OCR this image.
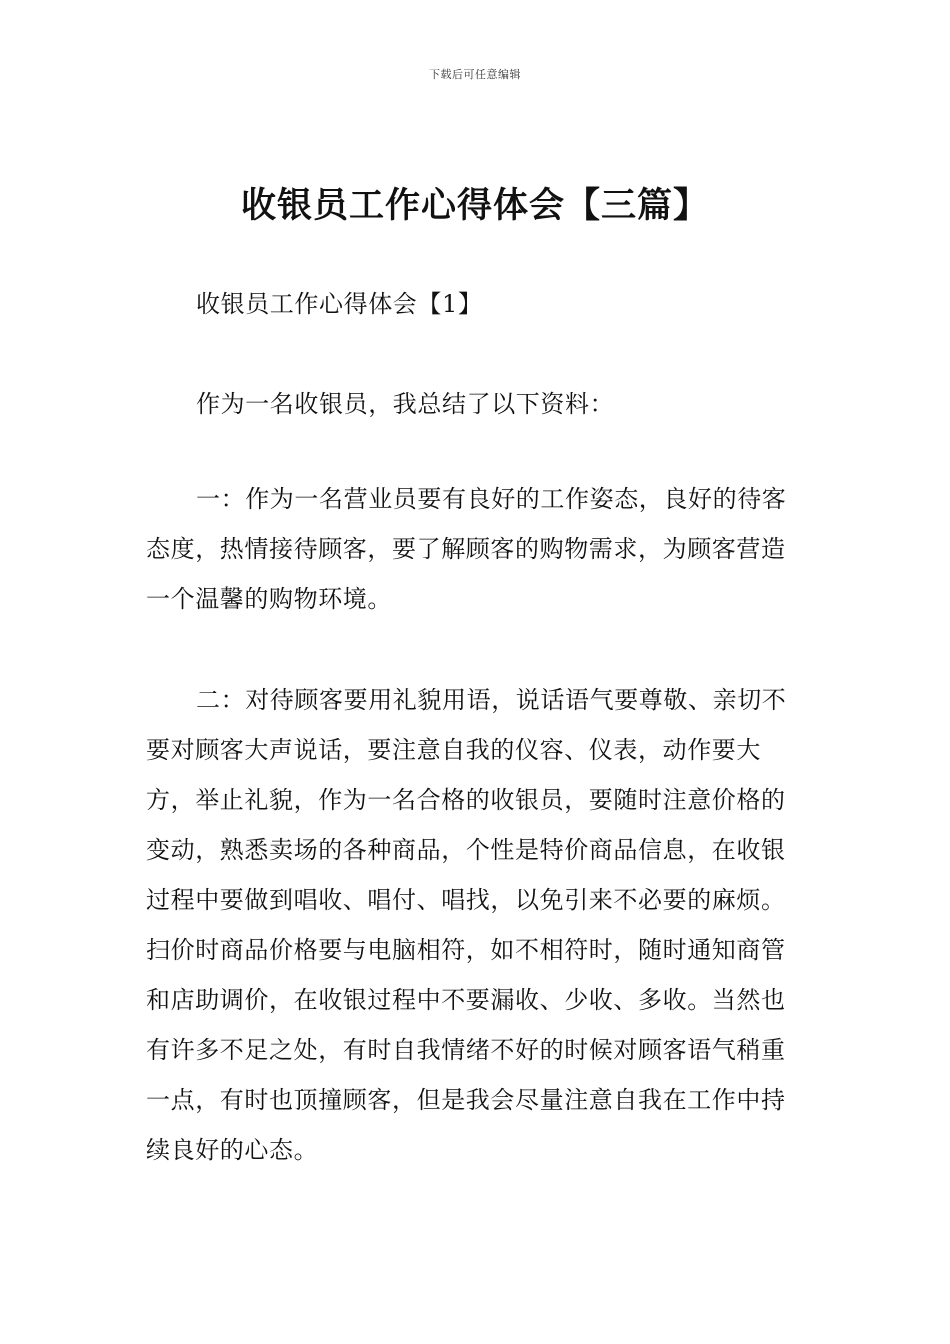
下载后可任意编辑
收银员工作心得体会【三篇】

收银员工作心得体会【1】

作为一名收银员，我总结了以下资料：

一：作为一名营业员要有良好的工作姿态，良好的待客态度，热情接待顾客，要了解顾客的购物需求，为顾客营造一个温馨的购物环境。

二：对待顾客要用礼貌用语，说话语气要尊敬、亲切不要对顾客大声说话，要注意自我的仪容、仪表，动作要大方，举止礼貌，作为一名合格的收银员，要随时注意价格的变动，熟悉卖场的各种商品，个性是特价商品信息，在收银过程中要做到唱收、唱付、唱找，以免引来不必要的麻烦。扫价时商品价格要与电脑相符，如不相符时，随时通知商管和店助调价，在收银过程中不要漏收、少收、多收。当然也有许多不足之处，有时自我情绪不好的时候对顾客语气稍重一点，有时也顶撞顾客，但是我会尽量注意自我在工作中持续良好的心态。
